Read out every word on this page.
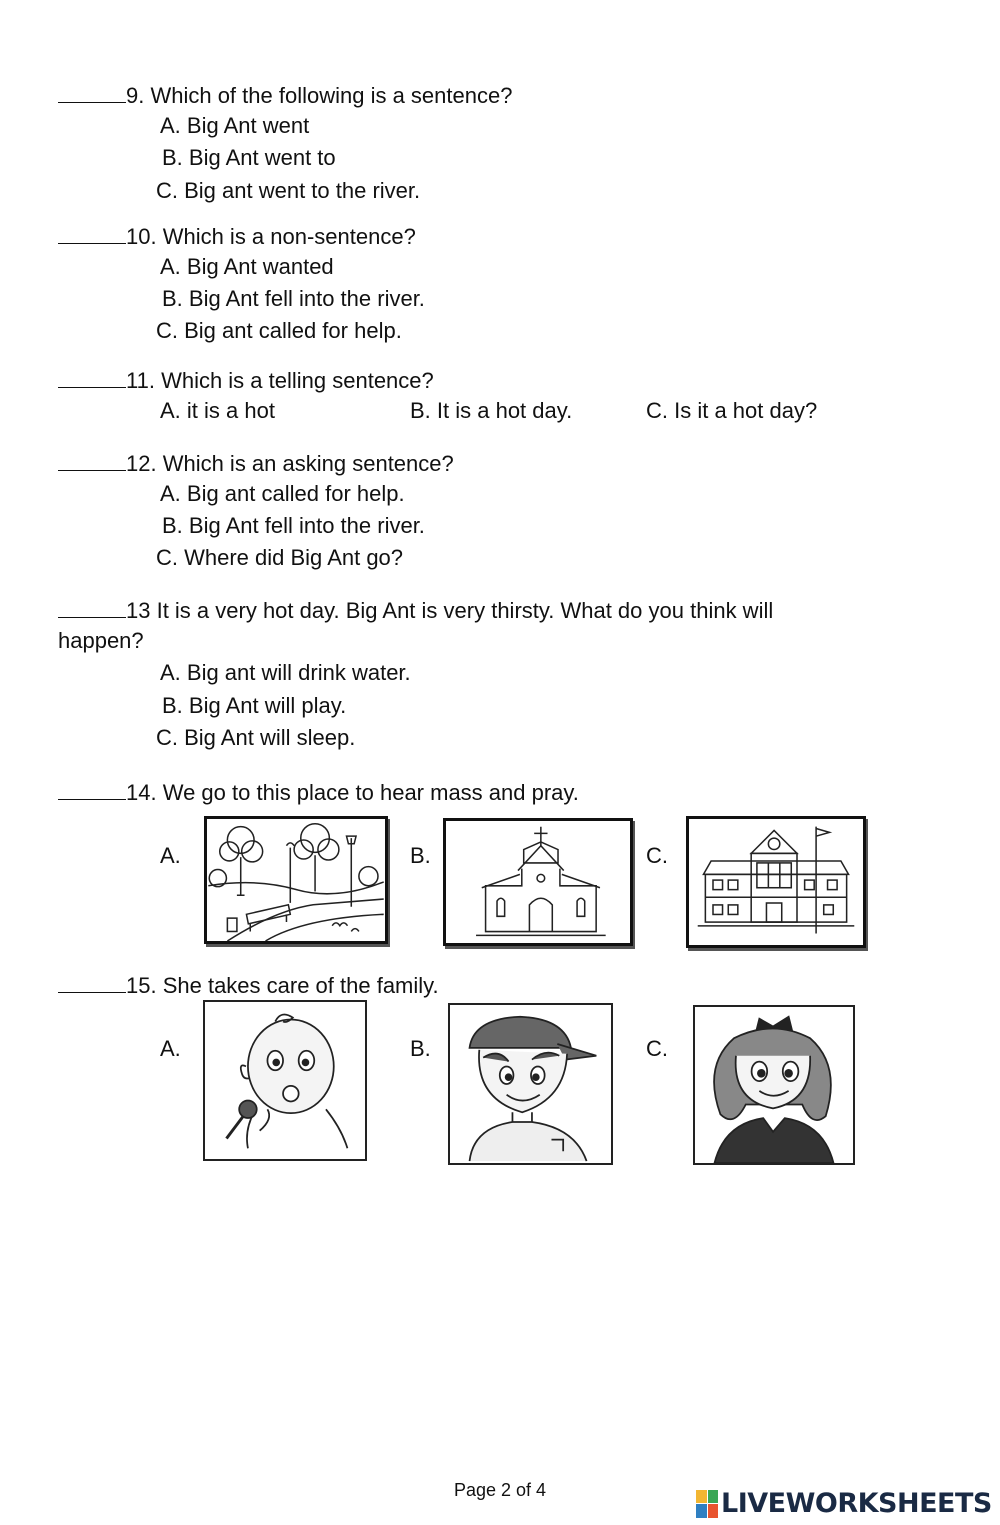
9. Which of the following is a sentence?
A. Big Ant went
B. Big Ant went to
C. Big ant went to the river.
10. Which is a non-sentence?
A. Big Ant wanted
B. Big Ant fell into the river.
C. Big ant called for help.
11. Which is a telling sentence?
A. it is a hot	B. It is a hot day.	C. Is it a hot day?
12. Which is an asking sentence?
A. Big ant called for help.
B. Big Ant fell into the river.
C. Where did Big Ant go?
13 It is a very hot day. Big Ant is very thirsty. What do you think will
happen?
A. Big ant will drink water.
B. Big Ant will play.
C. Big Ant will sleep.
14. We go to this place to hear mass and pray.
A.	B.	C.
15. She takes care of the family.
A.	B.	C.
Page 2 of 4	LIVEWORKSHEETS
